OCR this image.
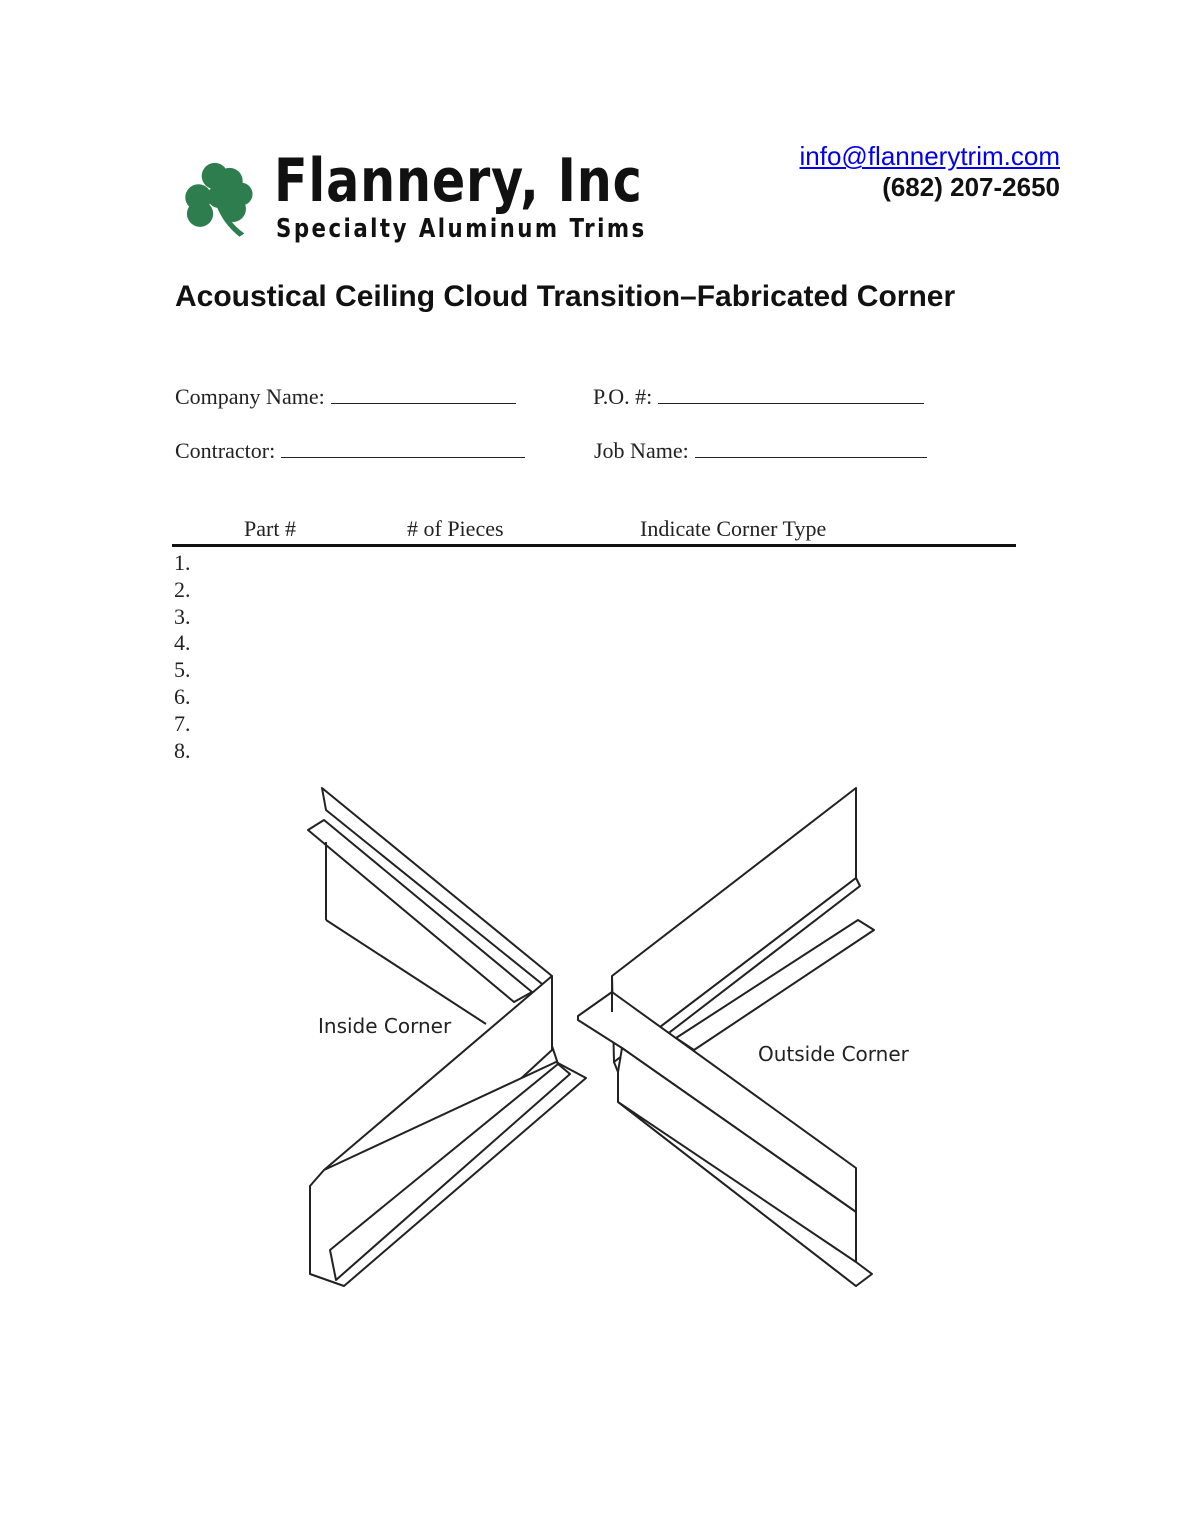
Flannery, Inc

Specialty Aluminum Trims

info@flannerytrim.com
(682) 207-2650
Acoustical Ceiling Cloud Transition–Fabricated Corner
Company Name:	P.O. #:
Contractor:	Job Name:
Part #	# of Pieces	Indicate Corner Type
1.
2.
3.
4.
5.
6.
7.
8.
Inside Corner
Outside Corner
